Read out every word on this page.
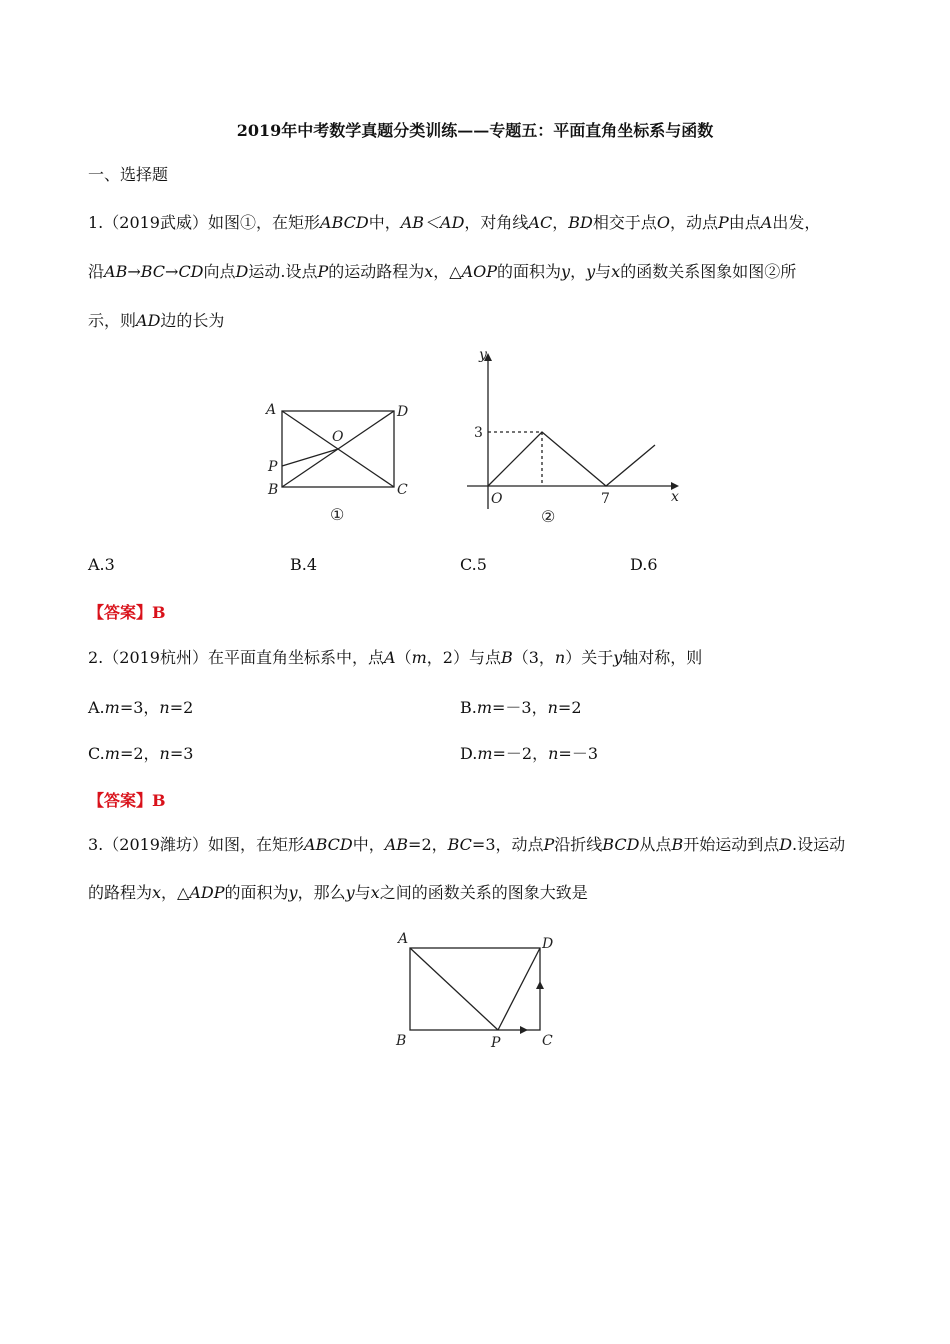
2019年中考数学真题分类训练——专题五：平面直角坐标系与函数
一、选择题
1.（2019武威）如图①，在矩形ABCD中，AB＜AD，对角线AC，BD相交于点O，动点P由点A出发，
沿AB→BC→CD向点D运动.设点P的运动路程为x，△AOP的面积为y，y与x的函数关系图象如图②所
示，则AD边的长为
A
B	C
D
O
P
①
y
x
O
3
7
②
A.3	B.4	C.5	D.6
【答案】B
2.（2019杭州）在平面直角坐标系中，点A（m，2）与点B（3，n）关于y轴对称，则
A.m=3，n=2	B.m=－3，n=2
C.m=2，n=3	D.m=－2，n=－3
【答案】B
3.（2019潍坊）如图，在矩形ABCD中，AB=2，BC=3，动点P沿折线BCD从点B开始运动到点D.设运动
的路程为x，△ADP的面积为y，那么y与x之间的函数关系的图象大致是
A
B	C
D
P
